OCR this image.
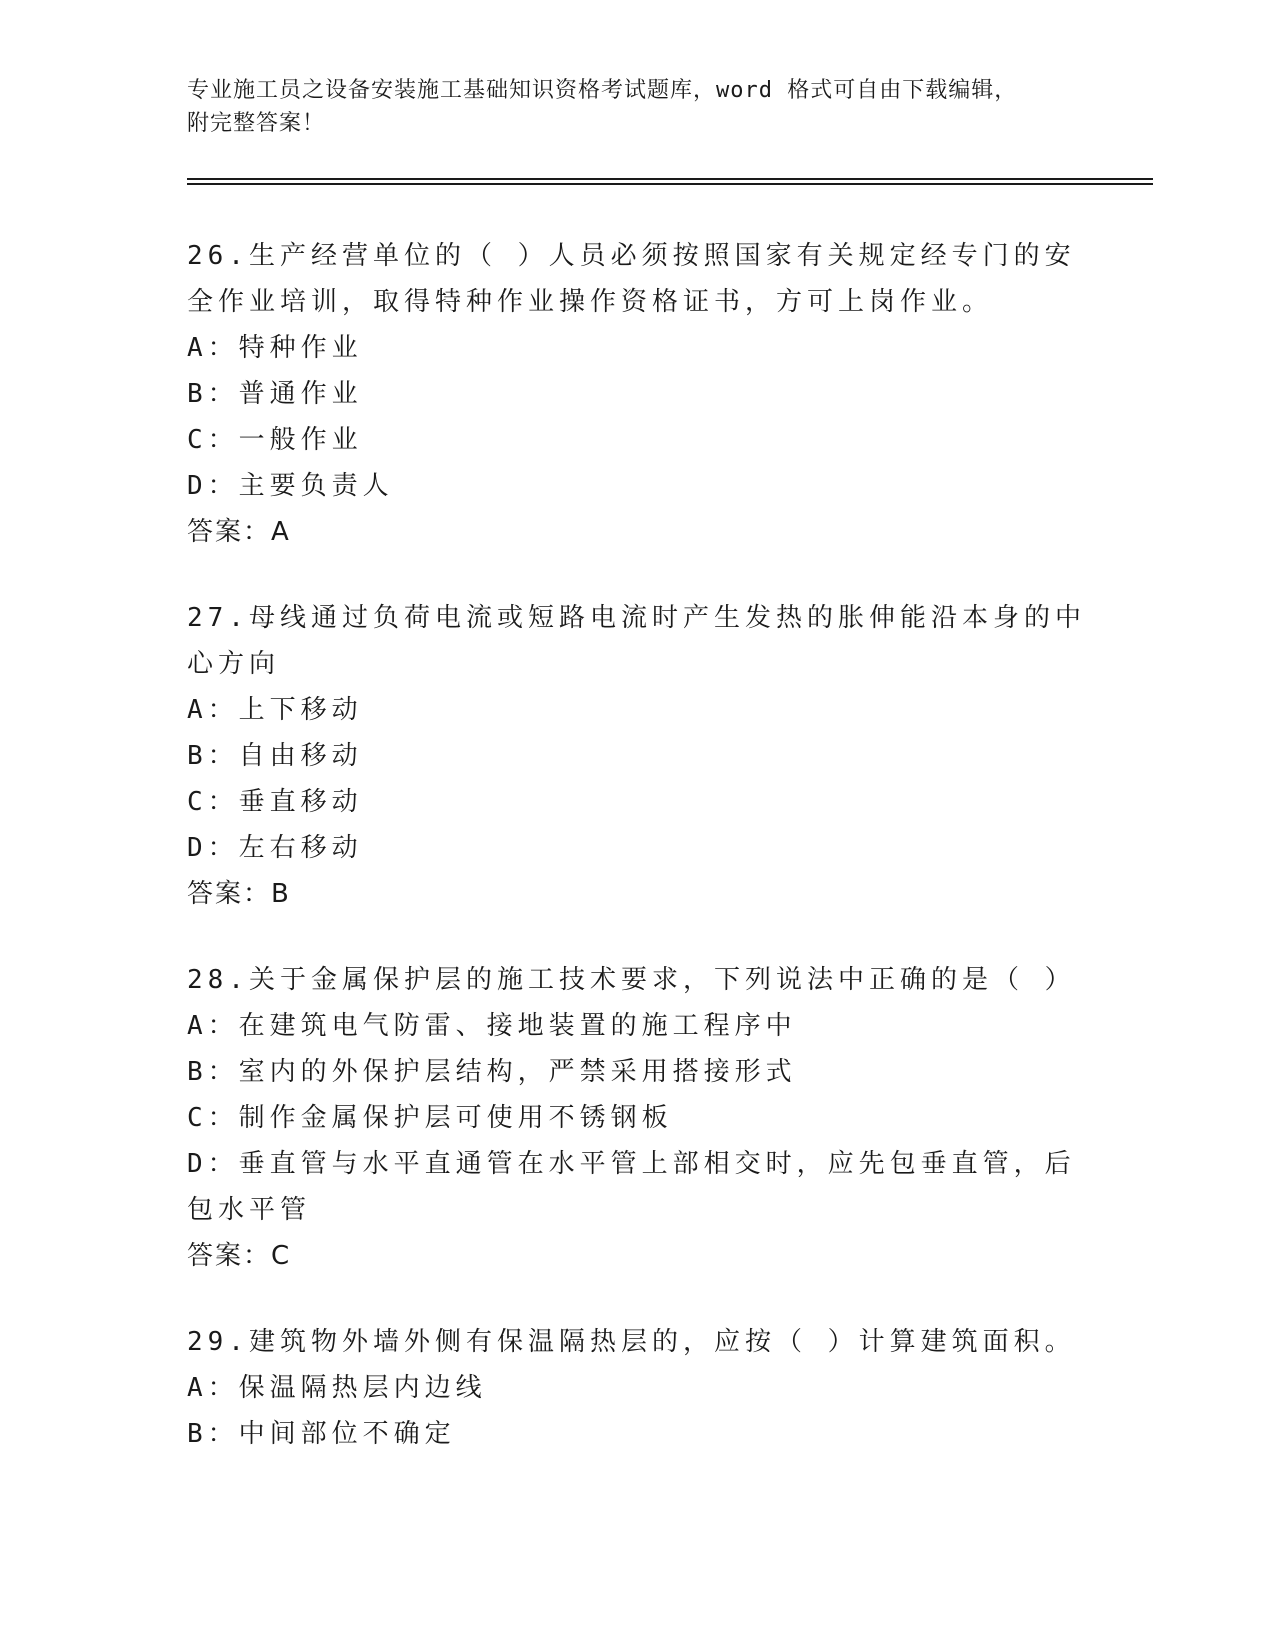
专业施工员之设备安装施工基础知识资格考试题库，word 格式可自由下载编辑，
附完整答案！

26.生产经营单位的（ ）人员必须按照国家有关规定经专门的安全作业培训，取得特种作业操作资格证书，方可上岗作业。

A：特种作业

B：普通作业

C：一般作业

D：主要负责人

答案：A

27.母线通过负荷电流或短路电流时产生发热的胀伸能沿本身的中心方向

A：上下移动

B：自由移动

C：垂直移动

D：左右移动

答案：B

28.关于金属保护层的施工技术要求，下列说法中正确的是（ ）

A：在建筑电气防雷、接地装置的施工程序中

B：室内的外保护层结构，严禁采用搭接形式

C：制作金属保护层可使用不锈钢板

D：垂直管与水平直通管在水平管上部相交时，应先包垂直管，后包水平管

答案：C

29.建筑物外墙外侧有保温隔热层的，应按（ ）计算建筑面积。

A：保温隔热层内边线

B：中间部位不确定
